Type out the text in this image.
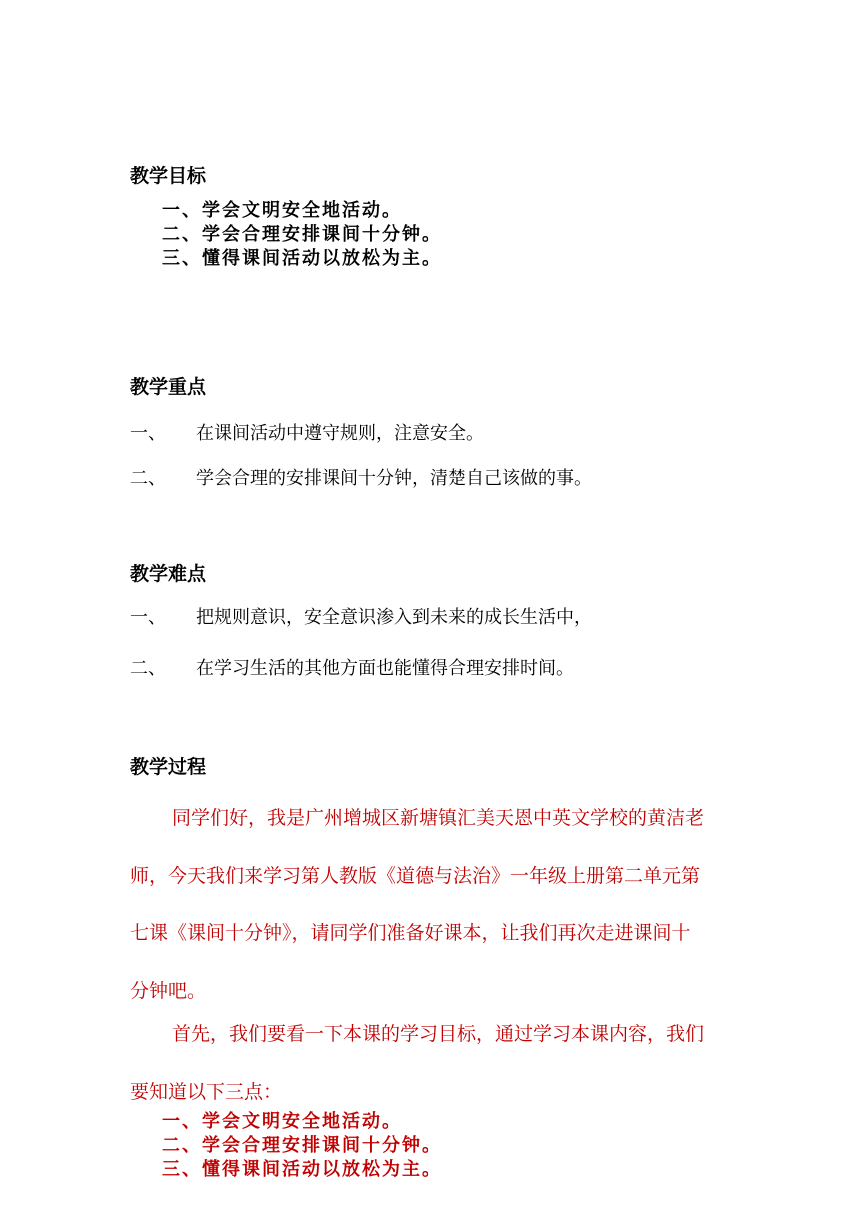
教学目标
一、学会文明安全地活动。
二、学会合理安排课间十分钟。
三、懂得课间活动以放松为主。
教学重点
一、 在课间活动中遵守规则，注意安全。
二、 学会合理的安排课间十分钟，清楚自己该做的事。
教学难点
一、 把规则意识，安全意识渗入到未来的成长生活中，
二、 在学习生活的其他方面也能懂得合理安排时间。
教学过程
同学们好，我是广州增城区新塘镇汇美天恩中英文学校的黄洁老
师，今天我们来学习第人教版《道德与法治》一年级上册第二单元第
七课《课间十分钟》，请同学们准备好课本，让我们再次走进课间十
分钟吧。
首先，我们要看一下本课的学习目标，通过学习本课内容，我们
要知道以下三点：
一、学会文明安全地活动。
二、学会合理安排课间十分钟。
三、懂得课间活动以放松为主。
